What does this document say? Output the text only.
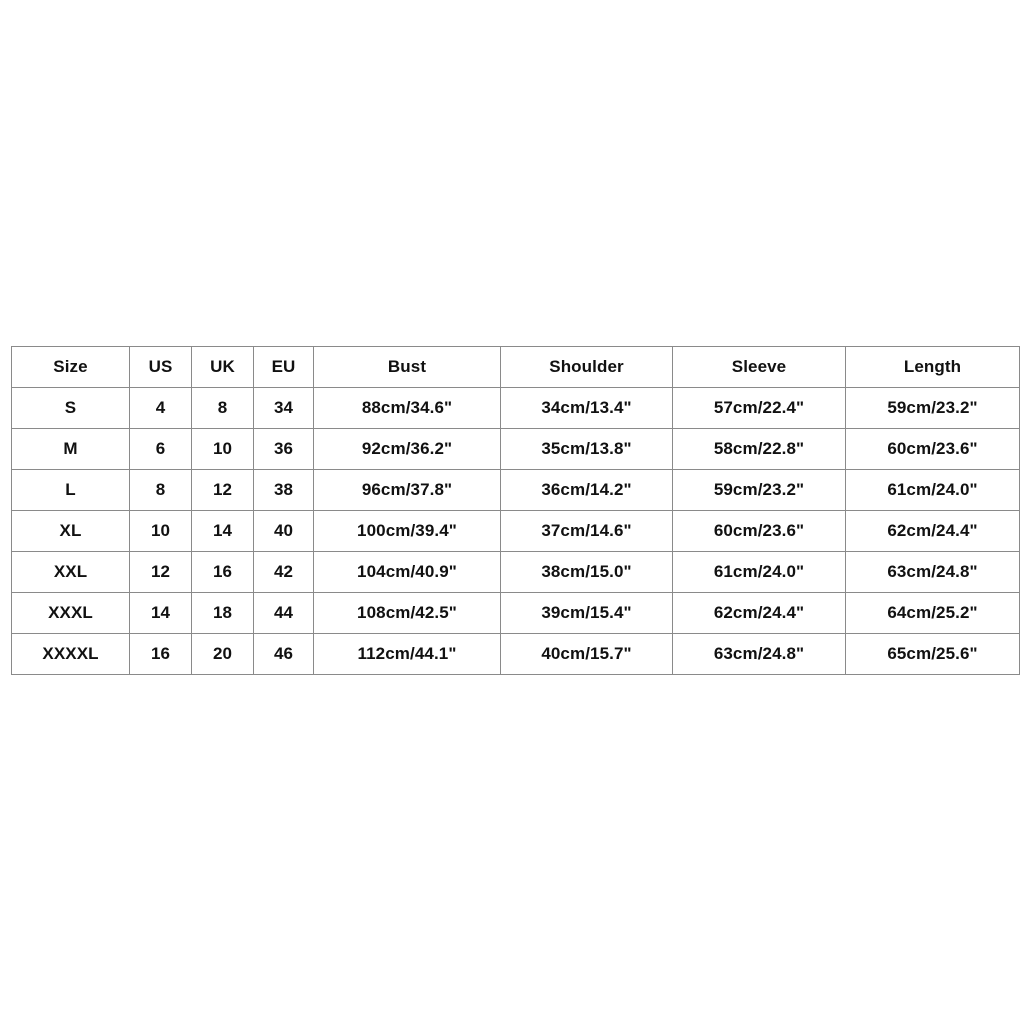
Size	US	UK	EU	Bust	Shoulder	Sleeve	Length
S	4	8	34	88cm/34.6"	34cm/13.4"	57cm/22.4"	59cm/23.2"
M	6	10	36	92cm/36.2"	35cm/13.8"	58cm/22.8"	60cm/23.6"
L	8	12	38	96cm/37.8"	36cm/14.2"	59cm/23.2"	61cm/24.0"
XL	10	14	40	100cm/39.4"	37cm/14.6"	60cm/23.6"	62cm/24.4"
XXL	12	16	42	104cm/40.9"	38cm/15.0"	61cm/24.0"	63cm/24.8"
XXXL	14	18	44	108cm/42.5"	39cm/15.4"	62cm/24.4"	64cm/25.2"
XXXXL	16	20	46	112cm/44.1"	40cm/15.7"	63cm/24.8"	65cm/25.6"
